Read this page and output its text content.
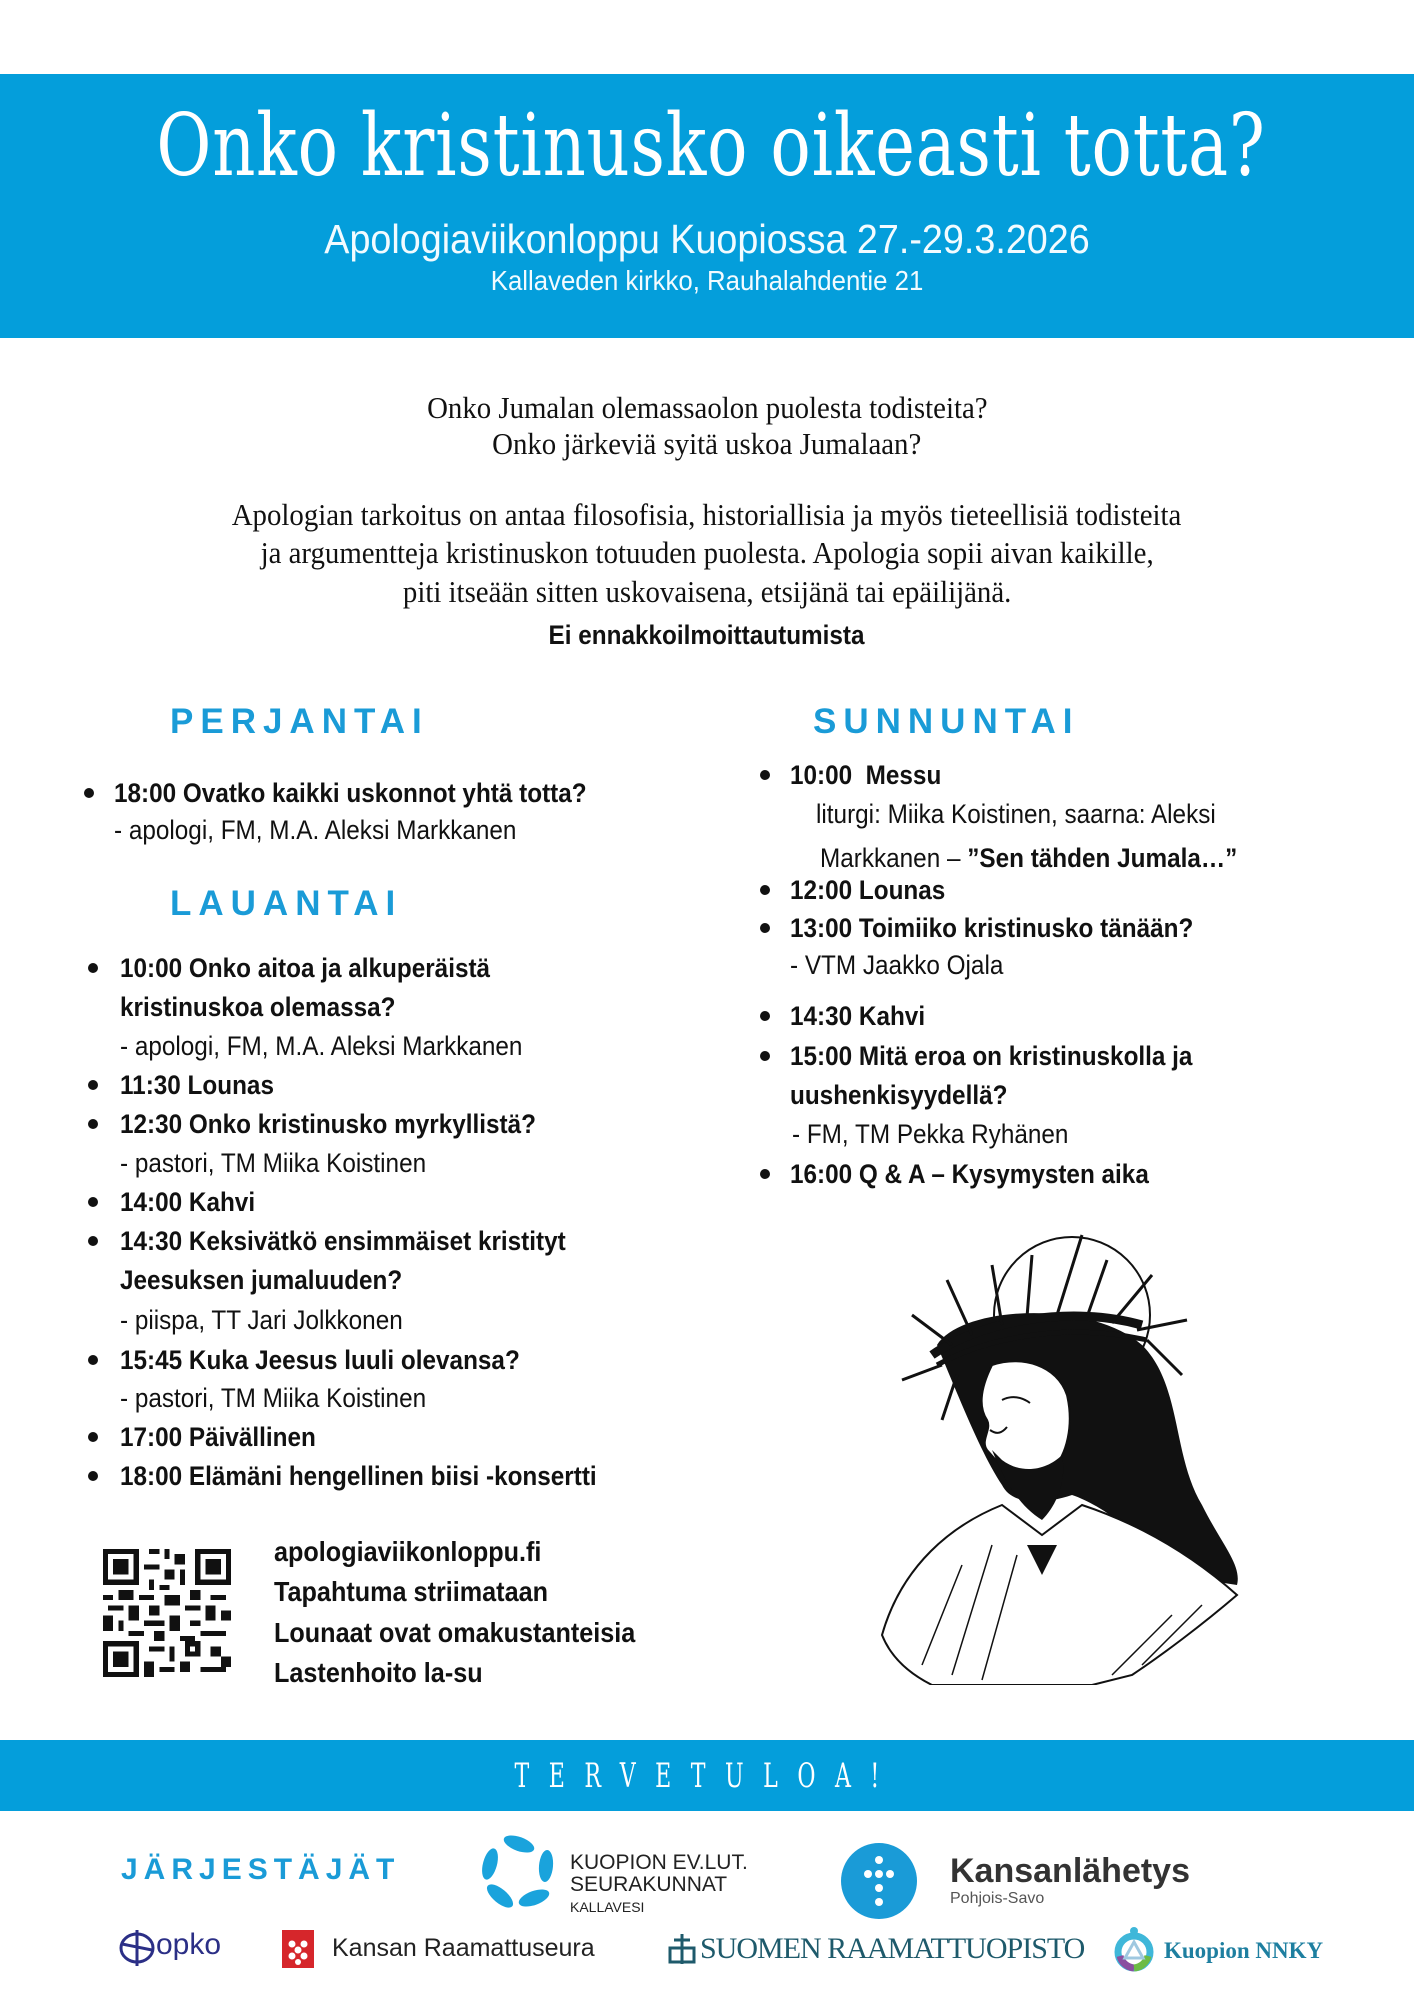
Onko kristinusko oikeasti totta?
Apologiaviikonloppu Kuopiossa 27.-29.3.2026
Kallaveden kirkko, Rauhalahdentie 21
Onko Jumalan olemassaolon puolesta todisteita?
Onko järkeviä syitä uskoa Jumalaan?
Apologian tarkoitus on antaa filosofisia, historiallisia ja myös tieteellisiä todisteita
ja argumentteja kristinuskon totuuden puolesta. Apologia sopii aivan kaikille,
piti itseään sitten uskovaisena, etsijänä tai epäilijänä.
Ei ennakkoilmoittautumista
PERJANTAI
18:00 Ovatko kaikki uskonnot yhtä totta?
- apologi, FM, M.A. Aleksi Markkanen
LAUANTAI
10:00 Onko aitoa ja alkuperäistä
kristinuskoa olemassa?
- apologi, FM, M.A. Aleksi Markkanen
11:30 Lounas
12:30 Onko kristinusko myrkyllistä?
- pastori, TM Miika Koistinen
14:00 Kahvi
14:30 Keksivätkö ensimmäiset kristityt
Jeesuksen jumaluuden?
- piispa, TT Jari Jolkkonen
15:45 Kuka Jeesus luuli olevansa?
- pastori, TM Miika Koistinen
17:00 Päivällinen
18:00 Elämäni hengellinen biisi -konsertti
SUNNUNTAI
10:00  Messu
liturgi: Miika Koistinen, saarna: Aleksi
Markkanen – ”Sen tähden Jumala…”
12:00 Lounas
13:00 Toimiiko kristinusko tänään?
- VTM Jaakko Ojala
14:30 Kahvi
15:00 Mitä eroa on kristinuskolla ja
uushenkisyydellä?
- FM, TM Pekka Ryhänen
16:00 Q & A – Kysymysten aika
apologiaviikonloppu.fi
Tapahtuma striimataan
Lounaat ovat omakustanteisia
Lastenhoito la-su
TERVETULOA!
JÄRJESTÄJÄT	KUOPION EV.LUT.
SEURAKUNNAT
KALLAVESI
Kansanlähetys
Pohjois-Savo
opko	Kansan Raamattuseura	SUOMEN RAAMATTUOPISTO	Kuopion NNKY
